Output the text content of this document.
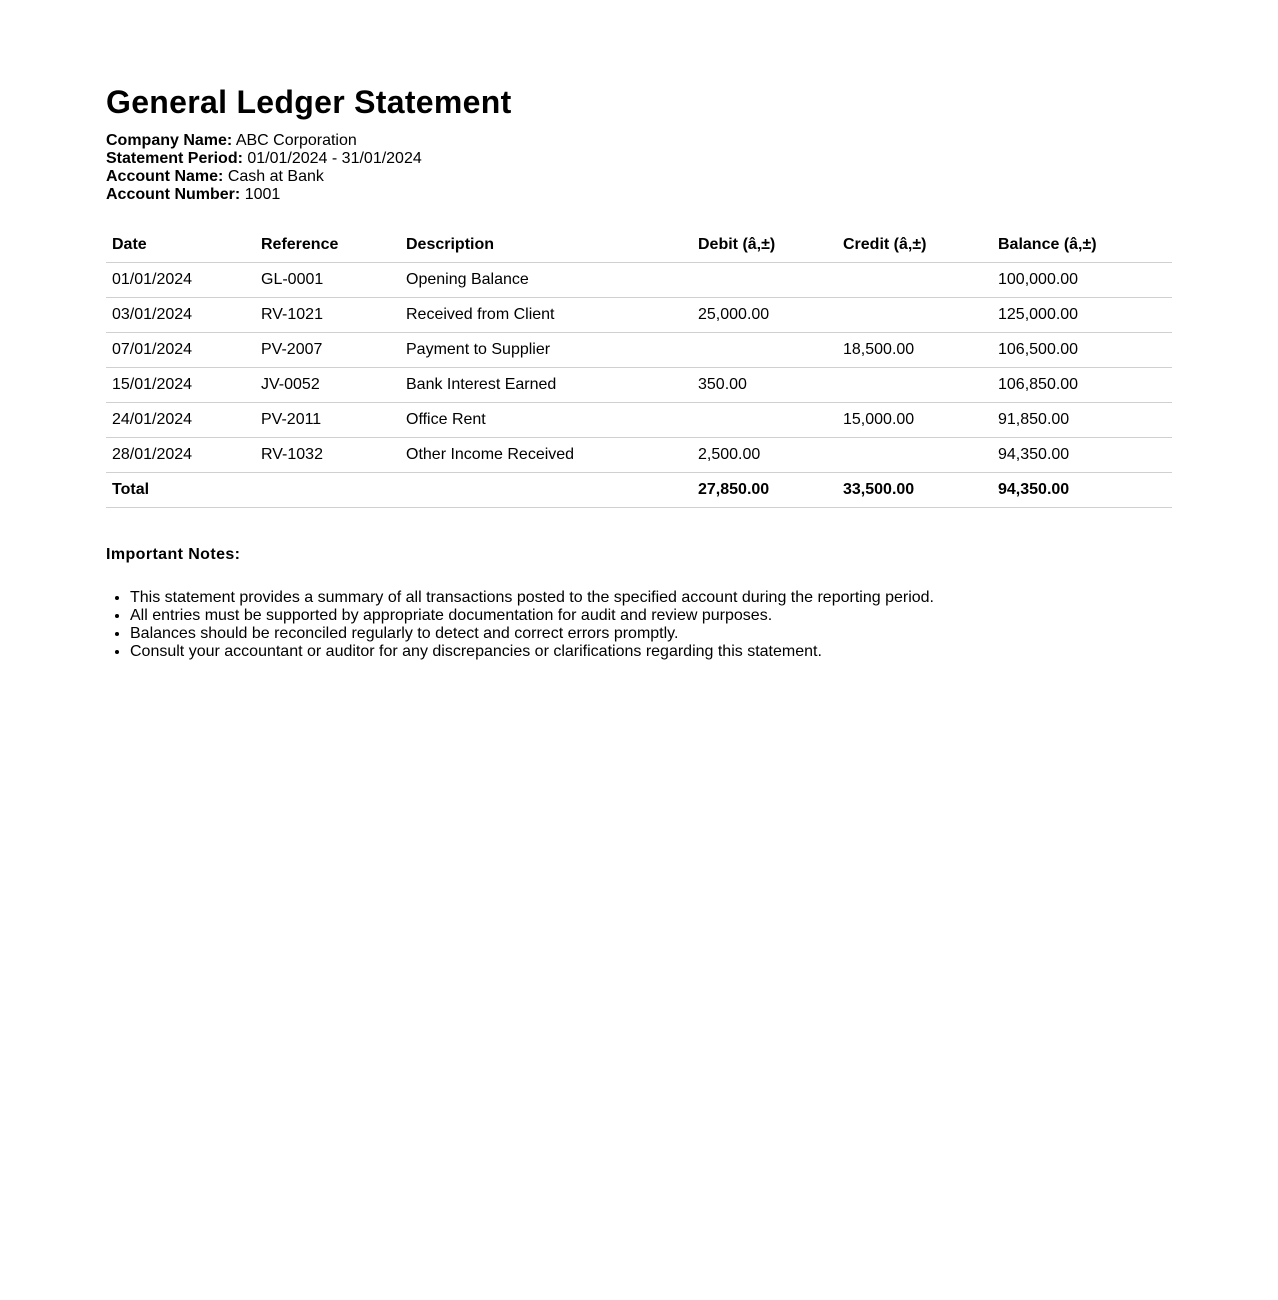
General Ledger Statement
Company Name: ABC Corporation
Statement Period: 01/01/2024 - 31/01/2024
Account Name: Cash at Bank
Account Number: 1001
Date	Reference	Description	Debit (â‚±)	Credit (â‚±)	Balance (â‚±)
01/01/2024	GL-0001	Opening Balance			100,000.00
03/01/2024	RV-1021	Received from Client	25,000.00		125,000.00
07/01/2024	PV-2007	Payment to Supplier		18,500.00	106,500.00
15/01/2024	JV-0052	Bank Interest Earned	350.00		106,850.00
24/01/2024	PV-2011	Office Rent		15,000.00	91,850.00
28/01/2024	RV-1032	Other Income Received	2,500.00		94,350.00
Total			27,850.00	33,500.00	94,350.00
Important Notes:
• This statement provides a summary of all transactions posted to the specified account during the reporting period.
• All entries must be supported by appropriate documentation for audit and review purposes.
• Balances should be reconciled regularly to detect and correct errors promptly.
• Consult your accountant or auditor for any discrepancies or clarifications regarding this statement.
